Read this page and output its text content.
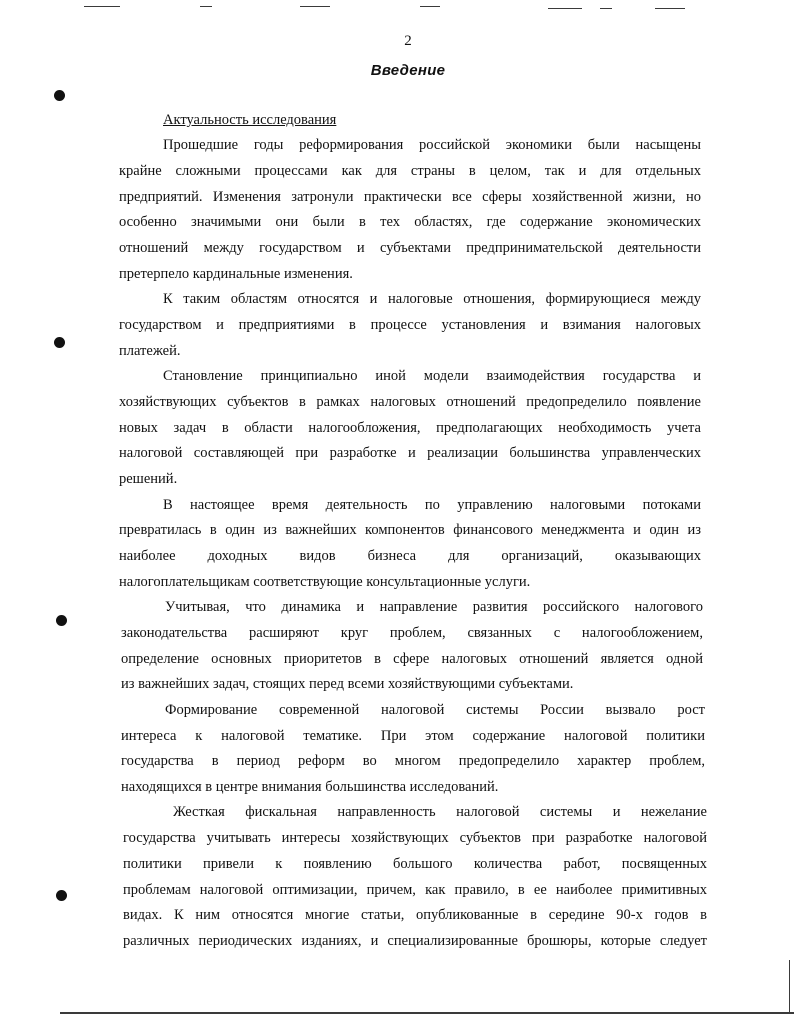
2
Введение
Актуальность исследования
Прошедшие годы реформирования российской экономики были насыщены
крайне сложными процессами как для страны в целом, так и для отдельных
предприятий. Изменения затронули практически все сферы хозяйственной жизни, но
особенно значимыми они были в тех областях, где содержание экономических
отношений между государством и субъектами предпринимательской деятельности
претерпело кардинальные изменения.
К таким областям относятся и налоговые отношения, формирующиеся между
государством и предприятиями в процессе установления и взимания налоговых
платежей.
Становление принципиально иной модели взаимодействия государства и
хозяйствующих субъектов в рамках налоговых отношений предопределило появление
новых задач в области налогообложения, предполагающих необходимость учета
налоговой составляющей при разработке и реализации большинства управленческих
решений.
В настоящее время деятельность по управлению налоговыми потоками
превратилась в один из важнейших компонентов финансового менеджмента и один из
наиболее доходных видов бизнеса для организаций, оказывающих
налогоплательщикам соответствующие консультационные услуги.
Учитывая, что динамика и направление развития российского налогового
законодательства расширяют круг проблем, связанных с налогообложением,
определение основных приоритетов в сфере налоговых отношений является одной
из важнейших задач, стоящих перед всеми хозяйствующими субъектами.
Формирование современной налоговой системы России вызвало рост
интереса к налоговой тематике. При этом содержание налоговой политики
государства в период реформ во многом предопределило характер проблем,
находящихся в центре внимания большинства исследований.
Жесткая фискальная направленность налоговой системы и нежелание
государства учитывать интересы хозяйствующих субъектов при разработке налоговой
политики привели к появлению большого количества работ, посвященных
проблемам налоговой оптимизации, причем, как правило, в ее наиболее примитивных
видах. К ним относятся многие статьи, опубликованные в середине 90-х годов в
различных периодических изданиях, и специализированные брошюры, которые следует
